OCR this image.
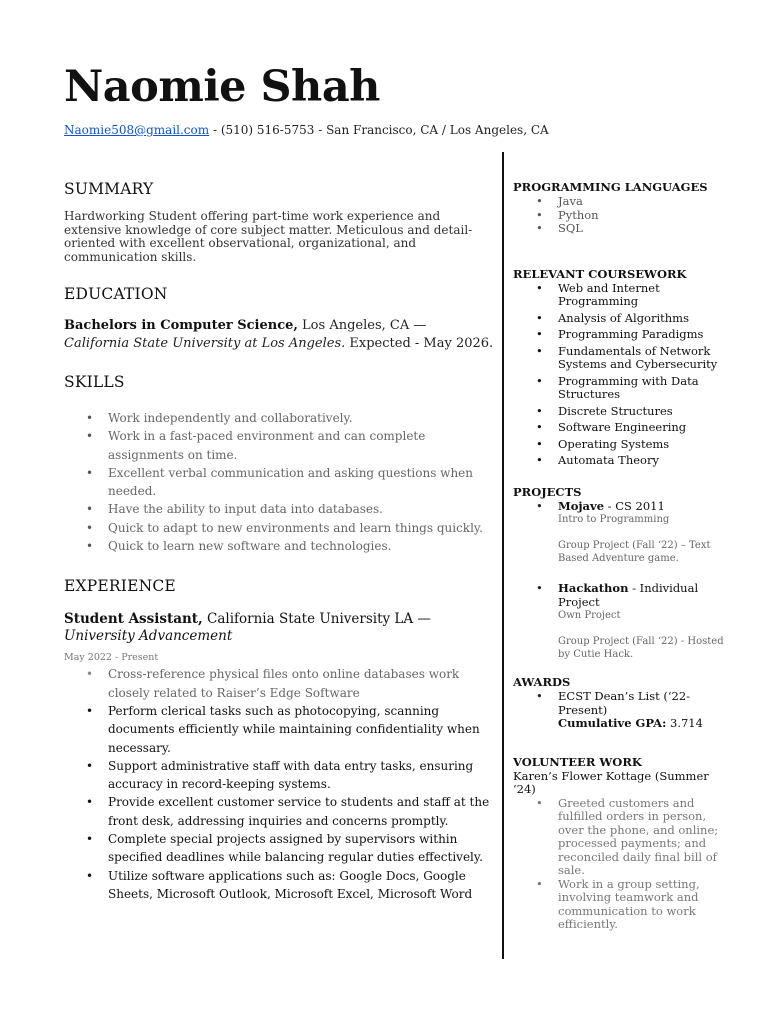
Naomie Shah
Naomie508@gmail.com - (510) 516-5753 - San Francisco, CA / Los Angeles, CA
SUMMARY

Hardworking Student offering part-time work experience and extensive knowledge of core subject matter. Meticulous and detail-oriented with excellent observational, organizational, and communication skills.

EDUCATION
Bachelors in Computer Science, Los Angeles, CA —
California State University at Los Angeles. Expected - May 2026.
SKILLS
• Work independently and collaboratively.
• Work in a fast-paced environment and can complete assignments on time.
• Excellent verbal communication and asking questions when needed.
• Have the ability to input data into databases.
• Quick to adapt to new environments and learn things quickly.
• Quick to learn new software and technologies.
EXPERIENCE
Student Assistant, California State University LA —
University Advancement
May 2022 - Present
• Cross-reference physical files onto online databases work closely related to Raiser’s Edge Software
• Perform clerical tasks such as photocopying, scanning documents efficiently while maintaining confidentiality when necessary.
• Support administrative staff with data entry tasks, ensuring accuracy in record-keeping systems.
• Provide excellent customer service to students and staff at the front desk, addressing inquiries and concerns promptly.
• Complete special projects assigned by supervisors within specified deadlines while balancing regular duties effectively.
• Utilize software applications such as: Google Docs, Google Sheets, Microsoft Outlook, Microsoft Excel, Microsoft Word
PROGRAMMING LANGUAGES
• Java
• Python
• SQL
RELEVANT COURSEWORK
• Web and Internet Programming
• Analysis of Algorithms
• Programming Paradigms
• Fundamentals of Network Systems and Cybersecurity
• Programming with Data Structures
• Discrete Structures
• Software Engineering
• Operating Systems
• Automata Theory
PROJECTS
• Mojave - CS 2011
Intro to Programming
Group Project (Fall ‘22) – Text Based Adventure game.
• Hackathon - Individual Project
Own Project
Group Project (Fall ‘22) - Hosted by Cutie Hack.
AWARDS
• ECST Dean’s List (‘22-Present)
Cumulative GPA: 3.714
VOLUNTEER WORK
Karen’s Flower Kottage (Summer ‘24)
• Greeted customers and fulfilled orders in person, over the phone, and online; processed payments; and reconciled daily final bill of sale.
• Work in a group setting, involving teamwork and communication to work efficiently.
